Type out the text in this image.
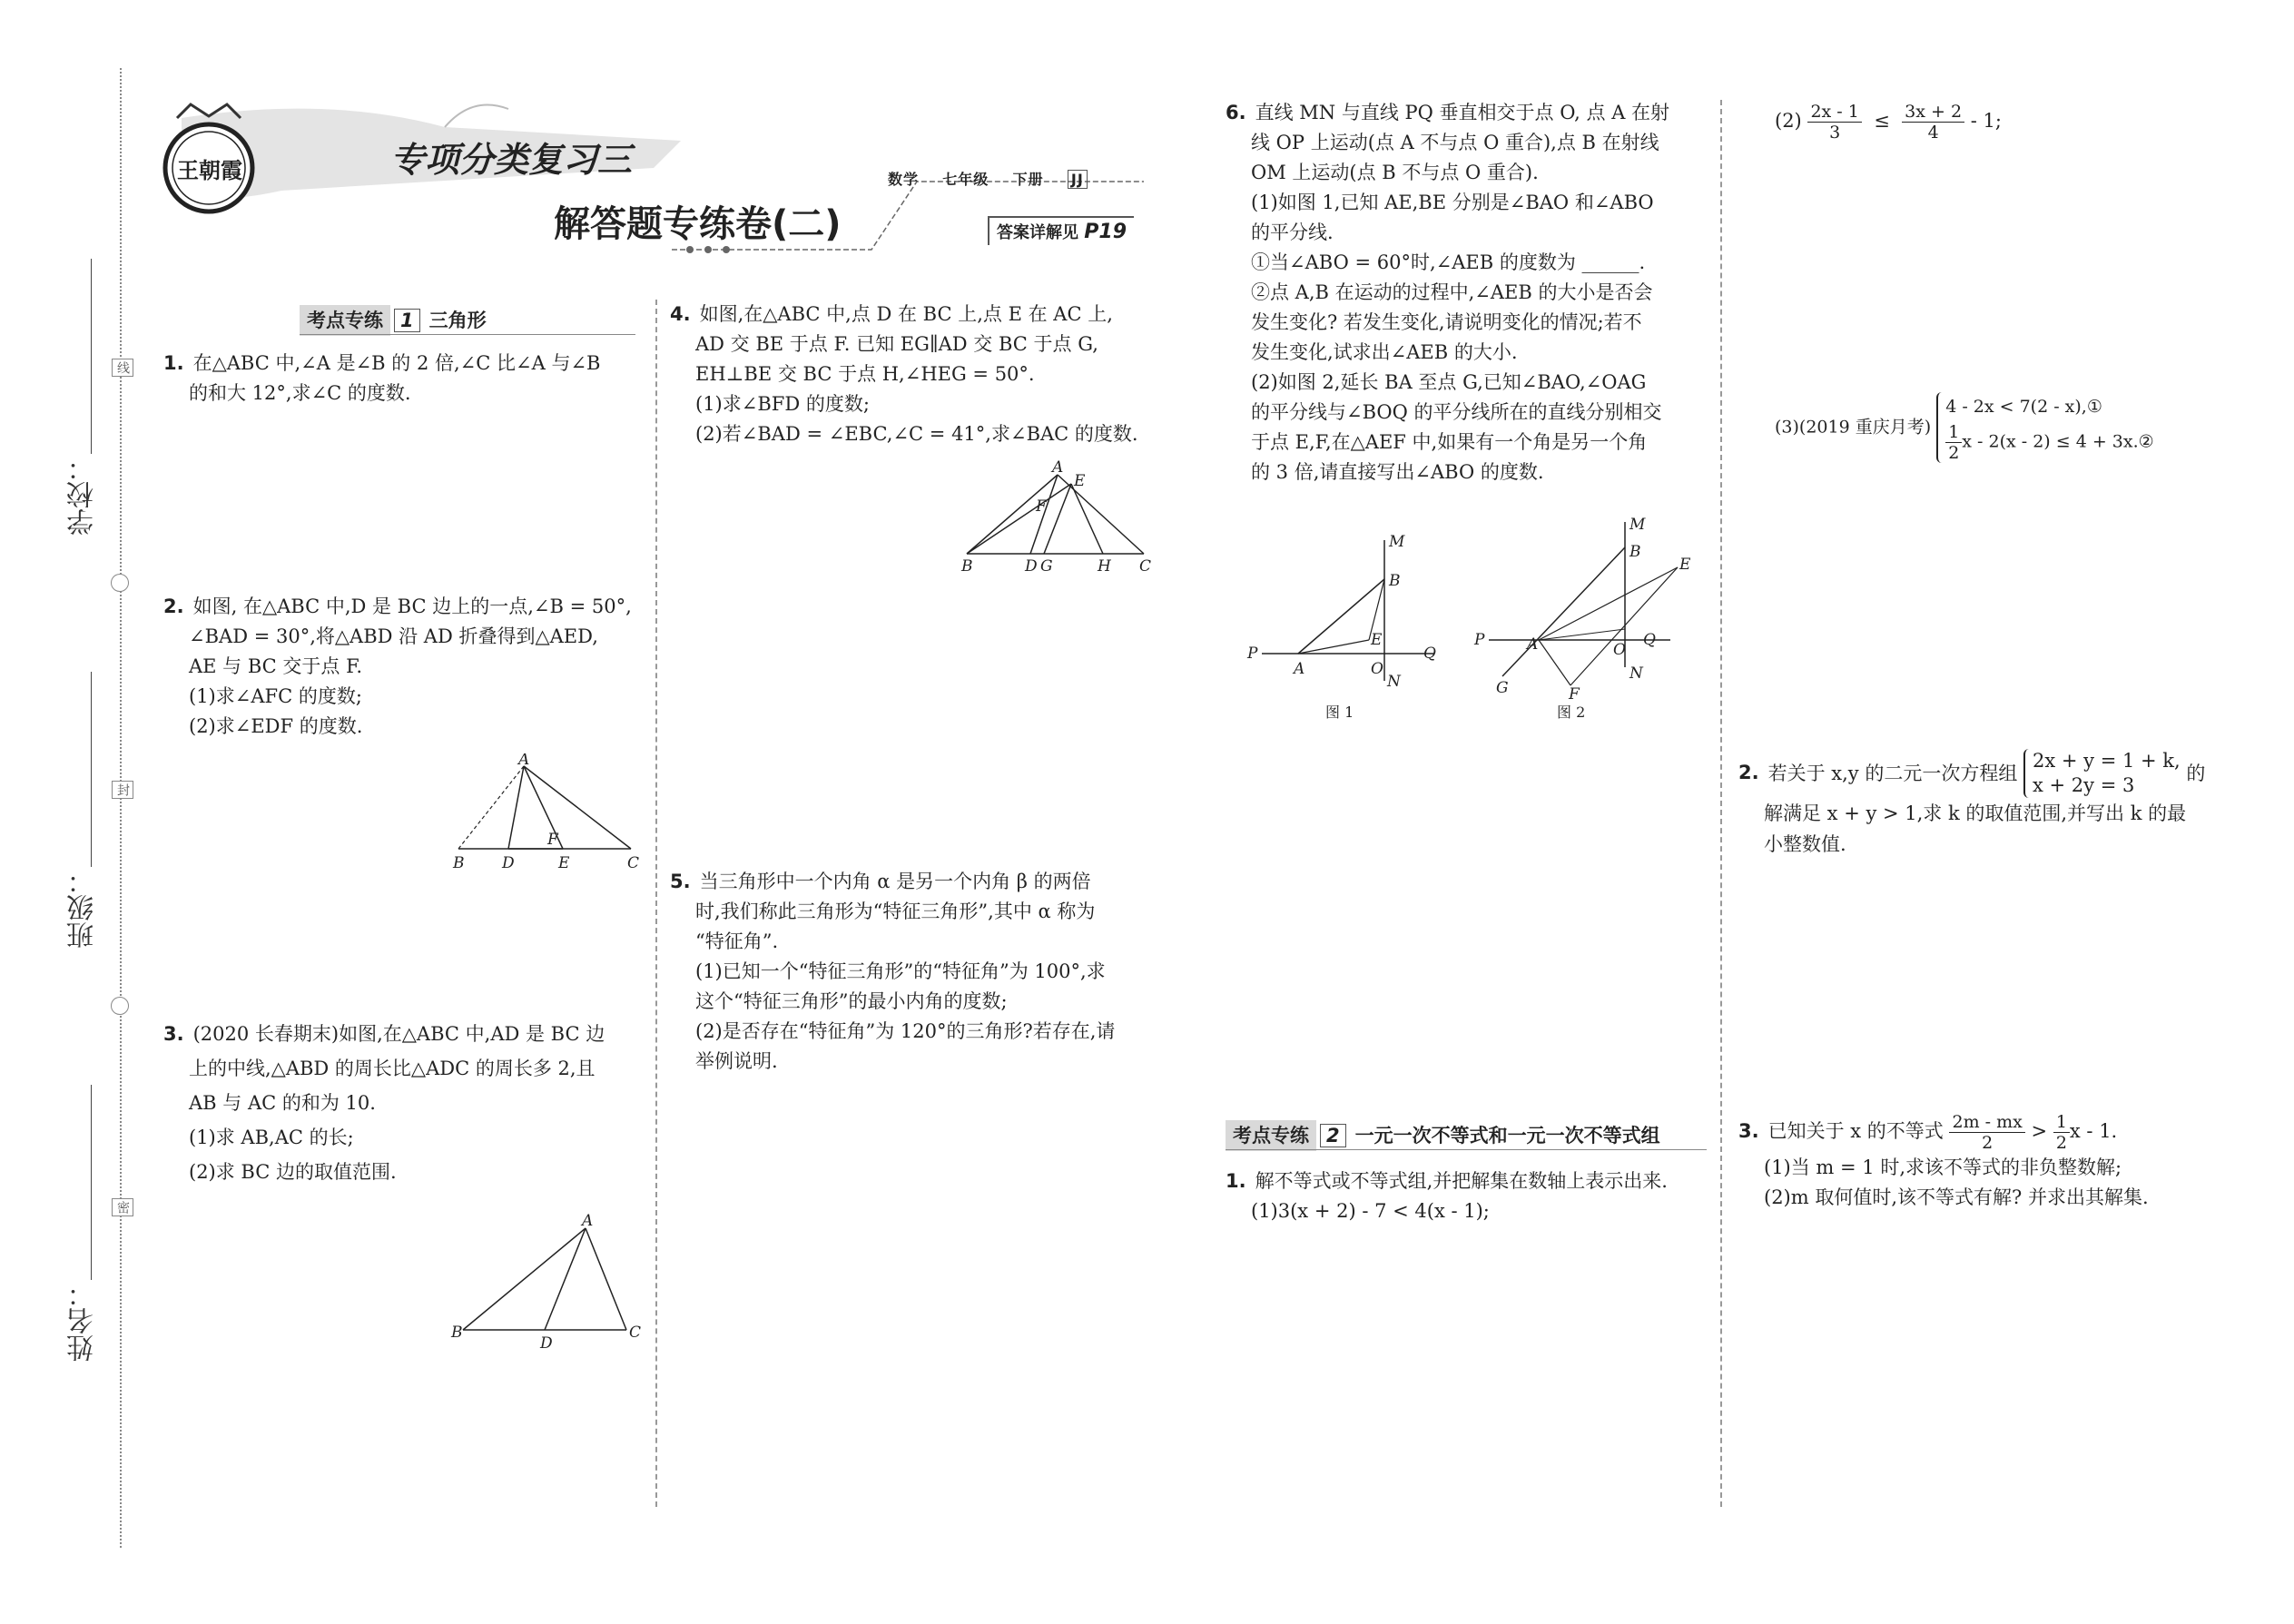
学校：
班级：
姓名：
线
封
密
王朝霞	专项分类复习三
解答题专练卷(二)
数学 七年级 下册 JJ
答案详解见 P19
考点专练 1 三角形

1. 在△ABC 中,∠A 是∠B 的 2 倍,∠C 比∠A 与∠B

的和大 12°,求∠C 的度数.

2. 如图, 在△ABC 中,D 是 BC 边上的一点,∠B = 50°,

∠BAD = 30°,将△ABD 沿 AD 折叠得到△AED,

AE 与 BC 交于点 F.

(1)求∠AFC 的度数;

(2)求∠EDF 的度数.

A
B D	E
F
C

3. (2020 长春期末)如图,在△ABC 中,AD 是 BC 边

上的中线,△ABD 的周长比△ADC 的周长多 2,且

AB 与 AC 的和为 10.

(1)求 AB,AC 的长;

(2)求 BC 边的取值范围.

A
B
D
C

4. 如图,在△ABC 中,点 D 在 BC 上,点 E 在 AC 上,

AD 交 BE 于点 F. 已知 EG∥AD 交 BC 于点 G,

EH⊥BE 交 BC 于点 H,∠HEG = 50°.

(1)求∠BFD 的度数;

(2)若∠BAD = ∠EBC,∠C = 41°,求∠BAC 的度数.

A
E
F
B	D G	H C

5. 当三角形中一个内角 α 是另一个内角 β 的两倍

时,我们称此三角形为“特征三角形”,其中 α 称为

“特征角”.

(1)已知一个“特征三角形”的“特征角”为 100°,求

这个“特征三角形”的最小内角的度数;

(2)是否存在“特征角”为 120°的三角形?若存在,请

举例说明.

6. 直线 MN 与直线 PQ 垂直相交于点 O, 点 A 在射

线 OP 上运动(点 A 不与点 O 重合),点 B 在射线

OM 上运动(点 B 不与点 O 重合).

(1)如图 1,已知 AE,BE 分别是∠BAO 和∠ABO

的平分线.

①当∠ABO = 60°时,∠AEB 的度数为 ______.

②点 A,B 在运动的过程中,∠AEB 的大小是否会

发生变化? 若发生变化,请说明变化的情况;若不

发生变化,试求出∠AEB 的大小.

(2)如图 2,延长 BA 至点 G,已知∠BAO,∠OAG

的平分线与∠BOQ 的平分线所在的直线分别相交

于点 E,F,在△AEF 中,如果有一个角是另一个角

的 3 倍,请直接写出∠ABO 的度数.

M
B
E
P
A	O
Q
N
图 1
M
B
E
P	A	O
Q
G	F
N
图 2
考点专练 2 一元一次不等式和一元一次不等式组

1. 解不等式或不等式组,并把解集在数轴上表示出来.

(1)3(x + 2) - 7 < 4(x - 1);

$(2) \frac{2x - 1}{3} \le \frac{3x + 2}{4} - 1$;
(3)(2019 重庆月考)
4 - 2x < 7(2 - x),①
$\frac{1}{2}$ x - 2(x - 2) ≤ 4 + 3x.②

2. 若关于 x,y 的二元一次方程组
2x + y = 1 + k,
x + 2y = 3
的

解满足 x + y > 1,求 k 的取值范围,并写出 k 的最

小整数值.

3. 已知关于 x 的不等式 $\frac{2m - mx}{2} > \frac{1}{2}$ x - 1.

(1)当 m = 1 时,求该不等式的非负整数解;

(2)m 取何值时,该不等式有解? 并求出其解集.
